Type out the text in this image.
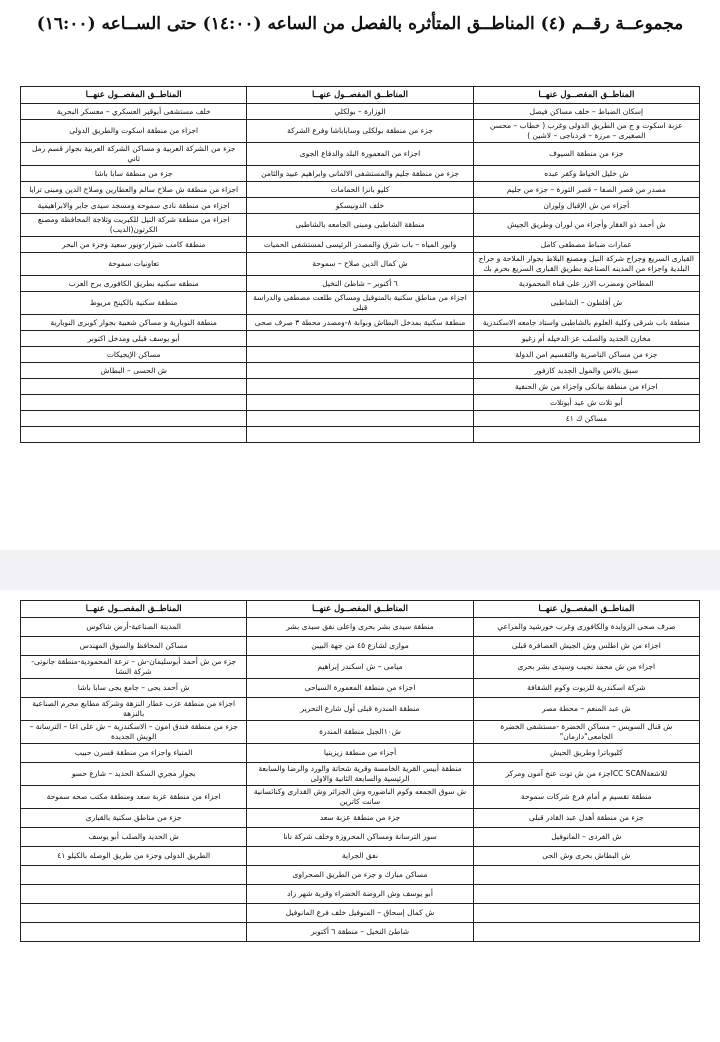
مجموعــة رقــم (٤) المناطــق المتأثره بالفصل من الساعه (١٤:٠٠) حتى الســاعه (١٦:٠٠)
المناطــق المفصــول عنهــا	المناطــق المفصــول عنهــا	المناطــق المفصــول عنهــا
إسكان الضباط – خلف مساكن فيصل	الوزارة – بولكلي	خلف مستشفى أبوقير العسكري – معسكر البحرية
عزبة اسكوت و ج من الطريق الدولى وغرب ( خطاب – محسن الصغيرى – مرزة – فردناجى – لاشين )	جزء من منطقة بولكلى وساباباشا وفرع الشركة	اجزاء من منطقة اسكوت والطريق الدولى
جزء من منطقة السيوف	اجزاء من المعمورة البلد والدفاع الجوى	جزء من الشركة العربية و مساكن الشركة العربية بجوار قسم رمل ثاني
ش خليل الخياط وكفر عبده	جزء من منطقة جليم والمستشفى الالمانى وابراهيم عبيد والثامن	جزء من منطقة سابا باشا
مصدر من قصر الصفا – قصر الثورة – جزء من جليم	كليو بانزا الحمامات	اجزاء من منطقة ش صلاح سالم والعطارين وصلاح الدين ومبنى ترايا
أجزاء من ش الإقبال ولوران	خلف الدونيسكو	اجزاء من منطقة نادى سموحه ومسجد سيدى جابر والابراهيمية
ش أحمد ذو الفقار وأجزاء من لوران وطريق الجيش	منطقة الشاطبى ومبنى الجامعه بالشاطبى	اجزاء من منطقة شركة النيل للكبريت وثلاجة المحافظة ومصنع الكرتون(الديب)
عمارات ضباط مصطفى كامل	وابور المياه – باب شرق والمصدر الرئيسى لمستشفى الحميات	منطقة كامب شيزار-وبور سعيد وجزء من البحر
القبارى السريع وجراج شركة النيل ومصنع البلاط بجوار الملاحة و جراج البلدية واجزاء من المدينه الصناعية بطريق القبارى السريع بحرم بك	ش كمال الدين صلاح – سموحة	تعاونيات سموحة
المطاحن ومضرب الارز على قناة المحمودية	٦ أكتوبر – شاطئ النخيل	منطقه سكنيه بطريق الكافورى برج العرب
ش أفلطون – الشاطبى	اجزاء من مناطق سكنية بالمنوفيل ومساكن طلعت مصطفى والدراسة قبلى	منطقة سكنية بالكينج مريوط
منطقة باب شرقى وكلية العلوم بالشاطبى واستاد جامعه الاسكندرية	منطقة سكنية بمدخل البطاش وبوابة ٨-ومصدر محطة ٣ صرف صحى	منطقة النوبارية و مساكن شعبية بجوار كوبرى النوبارية
مخازن الجديد والصلب عز الدخيله أم زغيو		أبو يوسف قبلى ومدخل اكتوبر
جزء من مساكن الناصرية والتقسيم امن الدولة		مساكن الإيجيكات
سبق بالاس والمول الجديد كارفور		ش الحسى – البطاش
اجزاء من منطقة بيانكى واجزاء من ش الحنفية		
أبو تلات ش عبد أبوتلات		
مساكن ك ٤١		

المناطــق المفصــول عنهــا	المناطــق المفصــول عنهــا	المناطــق المفصــول عنهــا
صرف صحى الزوايدة والكافورى وغرب خورشيد والمراعي	منطقة سيدى بشر بحرى واعلى نفق سيدى بشر	المدينة الصناعية-أرض شاكوس
اجزاء من ش اطلس وش الجيش العصافرة قبلى	موازى لشارع ٤٥ من جهة البيبن	مساكن المحافظ والسوق المهندس
اجزاء من ش محمد نجيب وسيدى بشر بحرى	ميامى – ش اسكندر إبراهيم	جزء من ش أحمد أبوسليمان-ش – ترعة المحمودية-منطقة جانوتى- شركة النشا
شركة اسكندرية للزيوت وكوم الشقافة	اجزاء من منطقة المعمورة السياحى	ش أحمد يحى – جامع يحى سابا باشا
ش عبد المنعم – محطة مصر	منطقة المندرة قبلى أول شارع التحرير	اجزاء من منطقة عزب عطار النزهة وشركة مطابع محرم الصناعية بالنزهة
ش قنال السويس – مساكن الخضرة -مستشفى الخضرة الجامعى"دارمان"	ش١٠الجبل منطقة المندرة	جزء من منطقة فندق امون – الاسكندرية – ش على اغا – الترسانة – الويش الجديدة
كليوباترا وطريق الجيش	أجزاء من منطقة زيزينيا	المنياء واجزاء من منطقة قسرن حبيب
للاشعةICC SCANجزء من ش توت عنخ آمون ومركز	منطقة أبيس القرية الخامسة وقرية شحاتة والورد والرضا والسابعة الرئيسية والسابعة الثانية والاولى	بجوار مجري السكة الحديد – شارع حسو
منطقة تقسيم م أمام فرع شركات سموحة	ش سوق الجمعه وكوم الناضوره وش الجزائر وش القدارى وكنائسانية سانت كاترين	اجزاء من منطقة عزبة سعد ومنطقة مكتب صحه سموحة
جزء من منطقة أهدل عبد القادر قبلى	جزء من منطقة عزبة سعد	جزء من مناطق سكنية بالقبارى
ش الفردى – المانوفيل	سور الترسانة ومساكن المحروزة وخلف شركة نانا	ش الحديد والصلب أبو يوسف
ش البطاش بحرى وش الحى	نفق الجراية	الطريق الدولى وجزء من طريق الوصله بالكيلو ٤١
	مساكن مبارك و جزء من الطريق الصحراوى	
	أبو يوسف وش الروضة الخضراء وقرية شهر زاد	
	ش كمال إسحاق – المنوفيل خلف فرع المانوفيل	
	شاطئ النخيل – منطقة ٦ أكتوبر	
